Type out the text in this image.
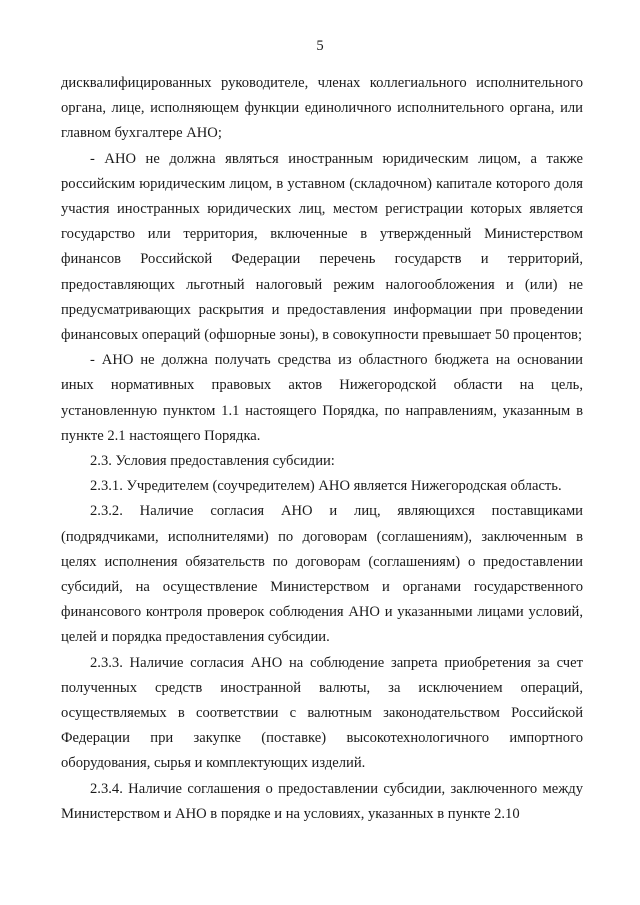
5

дисквалифицированных руководителе, членах коллегиального исполнительного органа, лице, исполняющем функции единоличного исполнительного органа, или главном бухгалтере АНО;

- АНО не должна являться иностранным юридическим лицом, а также российским юридическим лицом, в уставном (складочном) капитале которого доля участия иностранных юридических лиц, местом регистрации которых является государство или территория, включенные в утвержденный Министерством финансов Российской Федерации перечень государств и территорий, предоставляющих льготный налоговый режим налогообложения и (или) не предусматривающих раскрытия и предоставления информации при проведении финансовых операций (офшорные зоны), в совокупности превышает 50 процентов;

- АНО не должна получать средства из областного бюджета на основании иных нормативных правовых актов Нижегородской области на цель, установленную пунктом 1.1 настоящего Порядка, по направлениям, указанным в пункте 2.1 настоящего Порядка.

2.3. Условия предоставления субсидии:

2.3.1. Учредителем (соучредителем) АНО является Нижегородская область.

2.3.2. Наличие согласия АНО и лиц, являющихся поставщиками (подрядчиками, исполнителями) по договорам (соглашениям), заключенным в целях исполнения обязательств по договорам (соглашениям) о предоставлении субсидий, на осуществление Министерством и органами государственного финансового контроля проверок соблюдения АНО и указанными лицами условий, целей и порядка предоставления субсидии.

2.3.3. Наличие согласия АНО на соблюдение запрета приобретения за счет полученных средств иностранной валюты, за исключением операций, осуществляемых в соответствии с валютным законодательством Российской Федерации при закупке (поставке) высокотехнологичного импортного оборудования, сырья и комплектующих изделий.

2.3.4. Наличие соглашения о предоставлении субсидии, заключенного между Министерством и АНО в порядке и на условиях, указанных в пункте 2.10
